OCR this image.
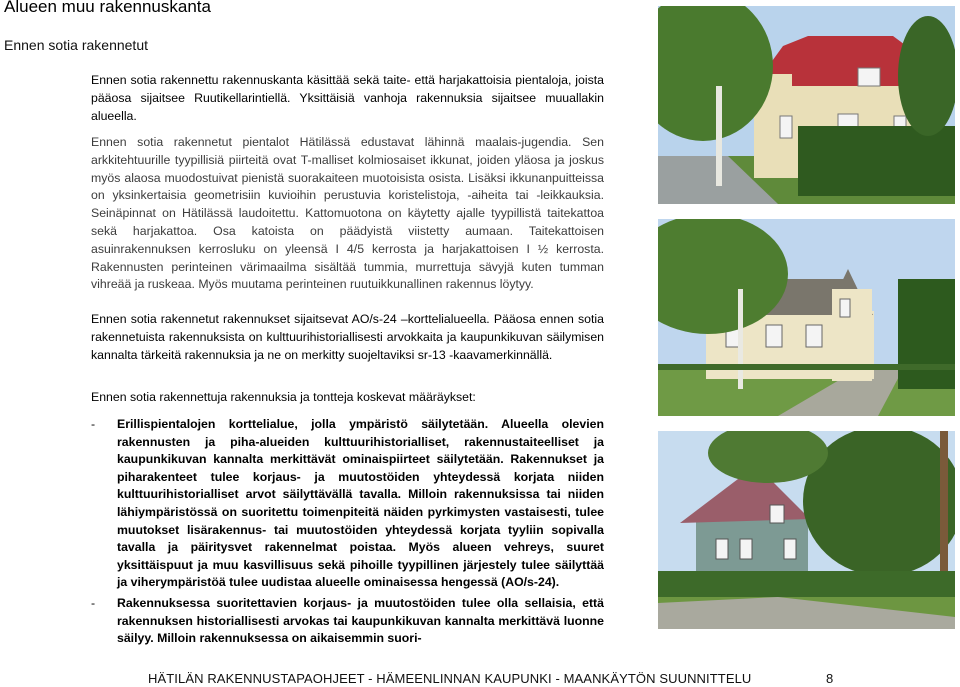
Alueen muu rakennuskanta
Ennen sotia rakennetut
Ennen sotia rakennettu rakennuskanta käsittää sekä taite- että harjakattoisia pientaloja, joista pääosa sijaitsee Ruutikellarintiellä. Yksittäisiä vanhoja rakennuksia sijaitsee muuallakin alueella.
Ennen sotia rakennetut pientalot Hätilässä edustavat lähinnä maalais-jugendia. Sen arkkitehtuurille tyypillisiä piirteitä ovat T-malliset kolmiosaiset ikkunat, joiden yläosa ja joskus myös alaosa muodostuivat pienistä suorakaiteen muotoisista osista. Lisäksi ikkunanpuitteissa on yksinkertaisia geometrisiin kuvioihin perustuvia koristelistoja, -aiheita tai -leikkauksia. Seinäpinnat on Hätilässä laudoitettu. Kattomuotona on käytetty ajalle tyypillistä taitekattoa sekä harjakattoa. Osa katoista on päädyistä viistetty aumaan. Taitekattoisen asuinrakennuksen kerrosluku on yleensä I 4/5 kerrosta ja harjakattoisen I ½ kerrosta. Rakennusten perinteinen värimaailma sisältää tummia, murrettuja sävyjä kuten tumman vihreää ja ruskeaa. Myös muutama perinteinen ruutuikkunallinen rakennus löytyy.
Ennen sotia rakennetut rakennukset sijaitsevat AO/s-24 –korttelialueella. Pääosa ennen sotia rakennetuista rakennuksista on kulttuurihistoriallisesti arvokkaita ja kaupunkikuvan säilymisen kannalta tärkeitä rakennuksia ja ne on merkitty suojeltaviksi sr-13 -kaavamerkinnällä.
Ennen sotia rakennettuja rakennuksia ja tontteja koskevat määräykset:
- Erillispientalojen korttelialue, jolla ympäristö säilytetään. Alueella olevien rakennusten ja piha-alueiden kulttuurihistorialliset, rakennustaiteelliset ja kaupunkikuvan kannalta merkittävät ominaispiirteet säilytetään. Rakennukset ja piharakenteet tulee korjaus- ja muutostöiden yhteydessä korjata niiden kulttuurihistorialliset arvot säilyttävällä tavalla. Milloin rakennuksissa tai niiden lähiympäristössä on suoritettu toimenpiteitä näiden pyrkimysten vastaisesti, tulee muutokset lisärakennus- tai muutostöiden yhteydessä korjata tyyliin sopivalla tavalla ja päiritysvet rakennelmat poistaa. Myös alueen vehreys, suuret yksittäispuut ja muu kasvillisuus sekä pihoille tyypillinen järjestely tulee säilyttää ja viherympäristöä tulee uudistaa alueelle ominaisessa hengessä (AO/s-24).
- Rakennuksessa suoritettavien korjaus- ja muutostöiden tulee olla sellaisia, että rakennuksen historiallisesti arvokas tai kaupunkikuvan kannalta merkittävä luonne säilyy. Milloin rakennuksessa on aikaisemmin suori-
HÄTILÄN RAKENNUSTAPAOHJEET - HÄMEENLINNAN KAUPUNKI - MAANKÄYTÖN SUUNNITTELU	8
